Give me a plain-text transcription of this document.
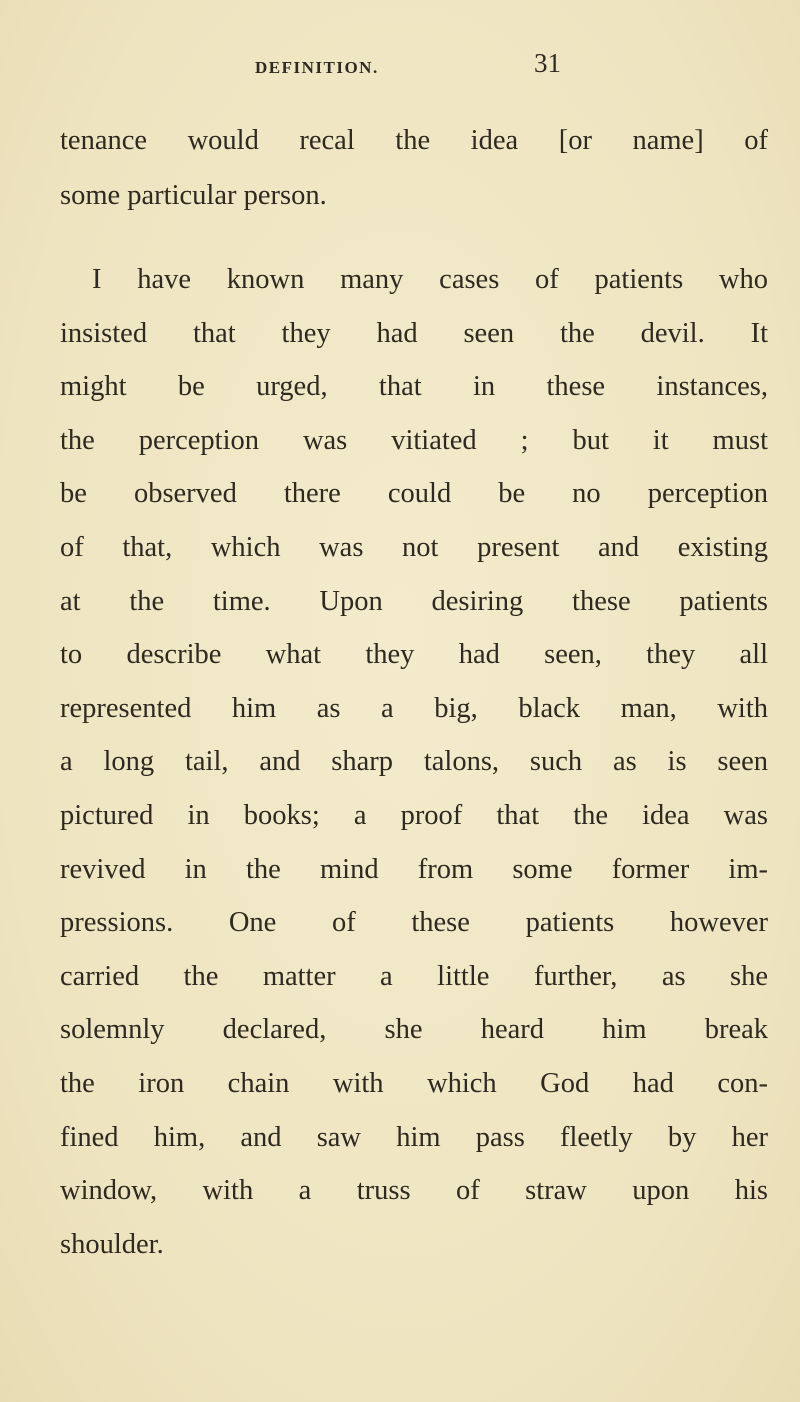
DEFINITION.	31
tenance would recal the idea [or name] of
some particular person.
I have known many cases of patients who
insisted that they had seen the devil. It
might be urged, that in these instances,
the perception was vitiated ; but it must
be observed there could be no perception
of that, which was not present and existing
at the time. Upon desiring these patients
to describe what they had seen, they all
represented him as a big, black man, with
a long tail, and sharp talons, such as is seen
pictured in books; a proof that the idea was
revived in the mind from some former im-
pressions. One of these patients however
carried the matter a little further, as she
solemnly declared, she heard him break
the iron chain with which God had con-
fined him, and saw him pass fleetly by her
window, with a truss of straw upon his
shoulder.
